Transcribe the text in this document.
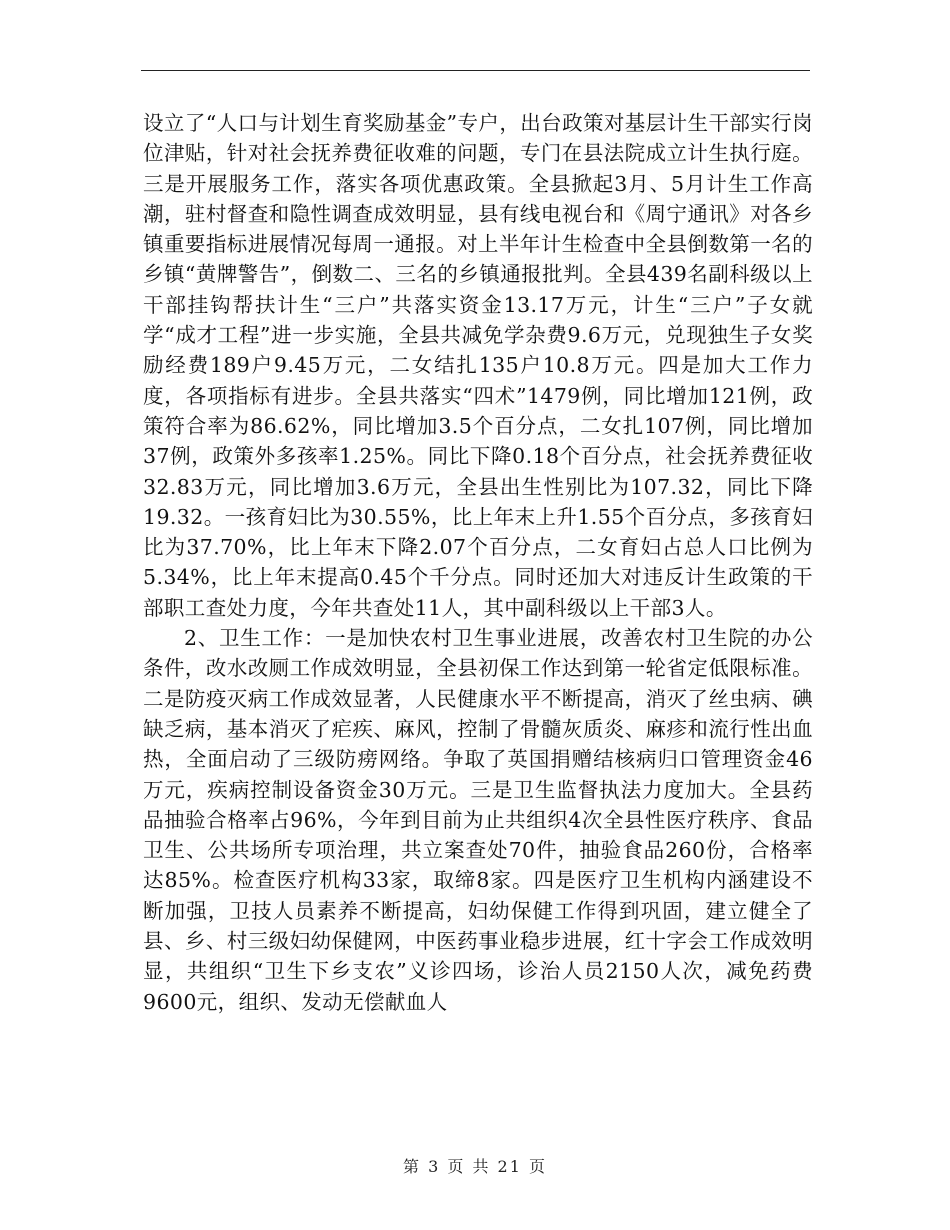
设立了“人口与计划生育奖励基金”专户，出台政策对基层计生干部实行岗位津贴，针对社会抚养费征收难的问题，专门在县法院成立计生执行庭。三是开展服务工作，落实各项优惠政策。全县掀起3月、5月计生工作高潮，驻村督查和隐性调查成效明显，县有线电视台和《周宁通讯》对各乡镇重要指标进展情况每周一通报。对上半年计生检查中全县倒数第一名的乡镇“黄牌警告”，倒数二、三名的乡镇通报批判。全县439名副科级以上干部挂钩帮扶计生“三户”共落实资金13.17万元，计生“三户”子女就学“成才工程”进一步实施，全县共减免学杂费9.6万元，兑现独生子女奖励经费189户9.45万元，二女结扎135户10.8万元。四是加大工作力度，各项指标有进步。全县共落实“四术”1479例，同比增加121例，政策符合率为86.62%，同比增加3.5个百分点，二女扎107例，同比增加37例，政策外多孩率1.25%。同比下降0.18个百分点，社会抚养费征收32.83万元，同比增加3.6万元，全县出生性别比为107.32，同比下降19.32。一孩育妇比为30.55%，比上年末上升1.55个百分点，多孩育妇比为37.70%，比上年末下降2.07个百分点，二女育妇占总人口比例为5.34%，比上年末提高0.45个千分点。同时还加大对违反计生政策的干部职工查处力度，今年共查处11人，其中副科级以上干部3人。

2、卫生工作：一是加快农村卫生事业进展，改善农村卫生院的办公条件，改水改厕工作成效明显，全县初保工作达到第一轮省定低限标准。二是防疫灭病工作成效显著，人民健康水平不断提高，消灭了丝虫病、碘缺乏病，基本消灭了疟疾、麻风，控制了骨髓灰质炎、麻疹和流行性出血热，全面启动了三级防痨网络。争取了英国捐赠结核病归口管理资金46万元，疾病控制设备资金30万元。三是卫生监督执法力度加大。全县药品抽验合格率占96%，今年到目前为止共组织4次全县性医疗秩序、食品卫生、公共场所专项治理，共立案查处70件，抽验食品260份，合格率达85%。检查医疗机构33家，取缔8家。四是医疗卫生机构内涵建设不断加强，卫技人员素养不断提高，妇幼保健工作得到巩固，建立健全了县、乡、村三级妇幼保健网，中医药事业稳步进展，红十字会工作成效明显，共组织“卫生下乡支农”义诊四场，诊治人员2150人次，减免药费9600元，组织、发动无偿献血人

第 3 页 共 21 页
